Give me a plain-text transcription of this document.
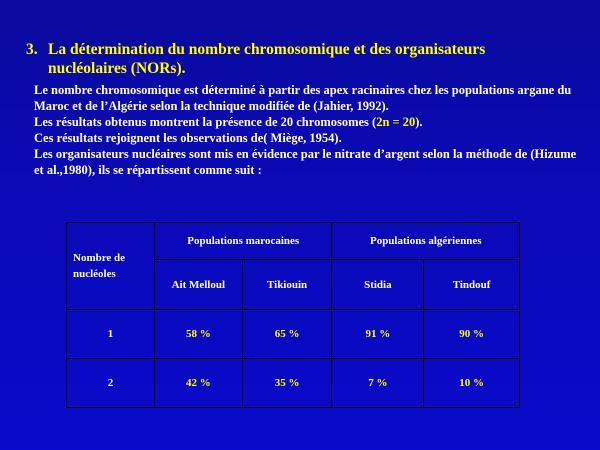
3. La détermination du nombre chromosomique et des organisateurs
nucléolaires (NORs).

Le nombre chromosomique est déterminé à partir des apex racinaires chez les populations argane du Maroc et de l’Algérie selon la technique modifiée de (Jahier, 1992).

Les résultats obtenus montrent la présence de 20 chromosomes (2n = 20).

Ces résultats rejoignent les observations de( Miège, 1954).

Les organisateurs nucléaires sont mis en évidence par le nitrate d’argent selon la méthode de (Hizume et al.,1980), ils se répartissent comme suit :

Nombre de nucléoles	Populations marocaines		Populations algériennes	
	Ait Melloul	Tikiouin	Stidia	Tindouf
1	58 %	65 %	91 %	90 %
2	42 %	35 %	7 %	10 %
